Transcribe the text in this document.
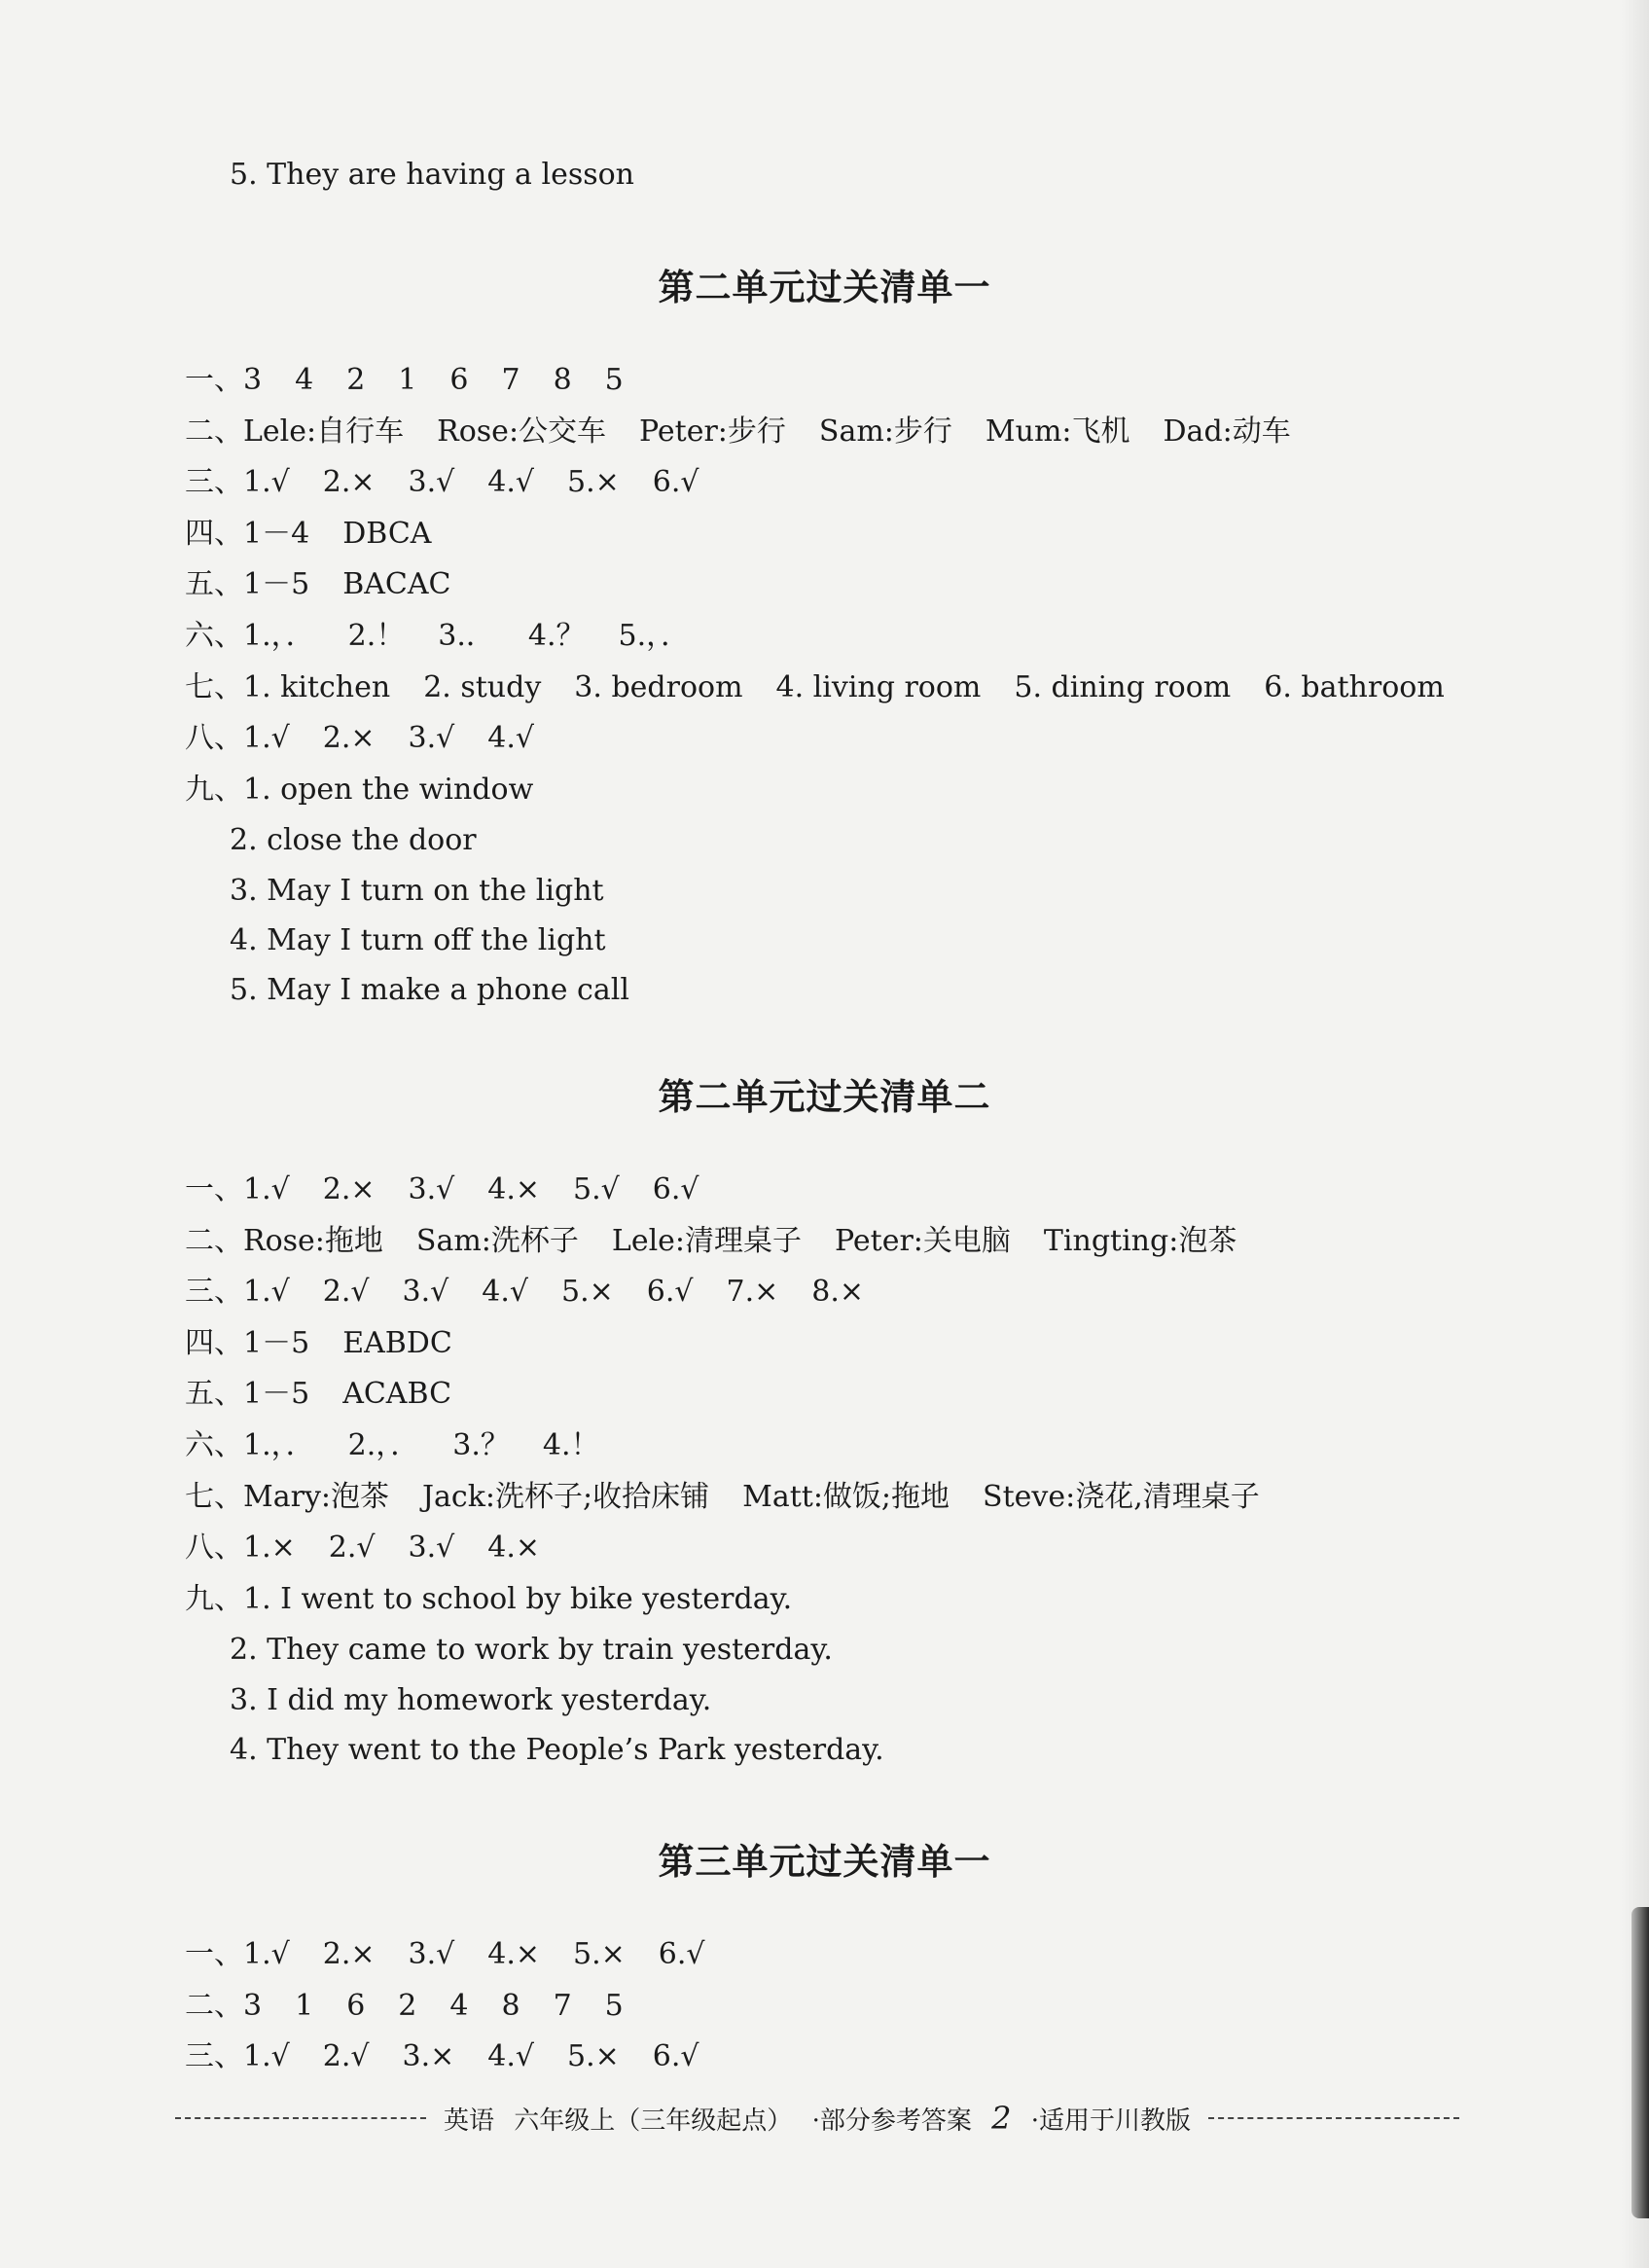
5. They are having a lesson
第二单元过关清单一
一、3 4 2 1 6 7 8 5
二、Lele:自行车 Rose:公交车 Peter:步行 Sam:步行 Mum:飞机 Dad:动车
三、1.√ 2.× 3.√ 4.√ 5.× 6.√
四、1－4 DBCA
五、1－5 BACAC
六、1.，． 2.！ 3.． 4.？ 5.，．
七、1. kitchen 2. study 3. bedroom 4. living room 5. dining room 6. bathroom
八、1.√ 2.× 3.√ 4.√
九、1. open the window
2. close the door
3. May I turn on the light
4. May I turn off the light
5. May I make a phone call
第二单元过关清单二
一、1.√ 2.× 3.√ 4.× 5.√ 6.√
二、Rose:拖地 Sam:洗杯子 Lele:清理桌子 Peter:关电脑 Tingting:泡茶
三、1.√ 2.√ 3.√ 4.√ 5.× 6.√ 7.× 8.×
四、1－5 EABDC
五、1－5 ACABC
六、1.，． 2.，． 3.？ 4.！
七、Mary:泡茶 Jack:洗杯子;收拾床铺 Matt:做饭;拖地 Steve:浇花,清理桌子
八、1.× 2.√ 3.√ 4.×
九、1. I went to school by bike yesterday.
2. They came to work by train yesterday.
3. I did my homework yesterday.
4. They went to the People’s Park yesterday.
第三单元过关清单一
一、1.√ 2.× 3.√ 4.× 5.× 6.√
二、3 1 6 2 4 8 7 5
三、1.√ 2.√ 3.× 4.√ 5.× 6.√
英语 六年级上（三年级起点） ·部分参考答案 2 ·适用于川教版
